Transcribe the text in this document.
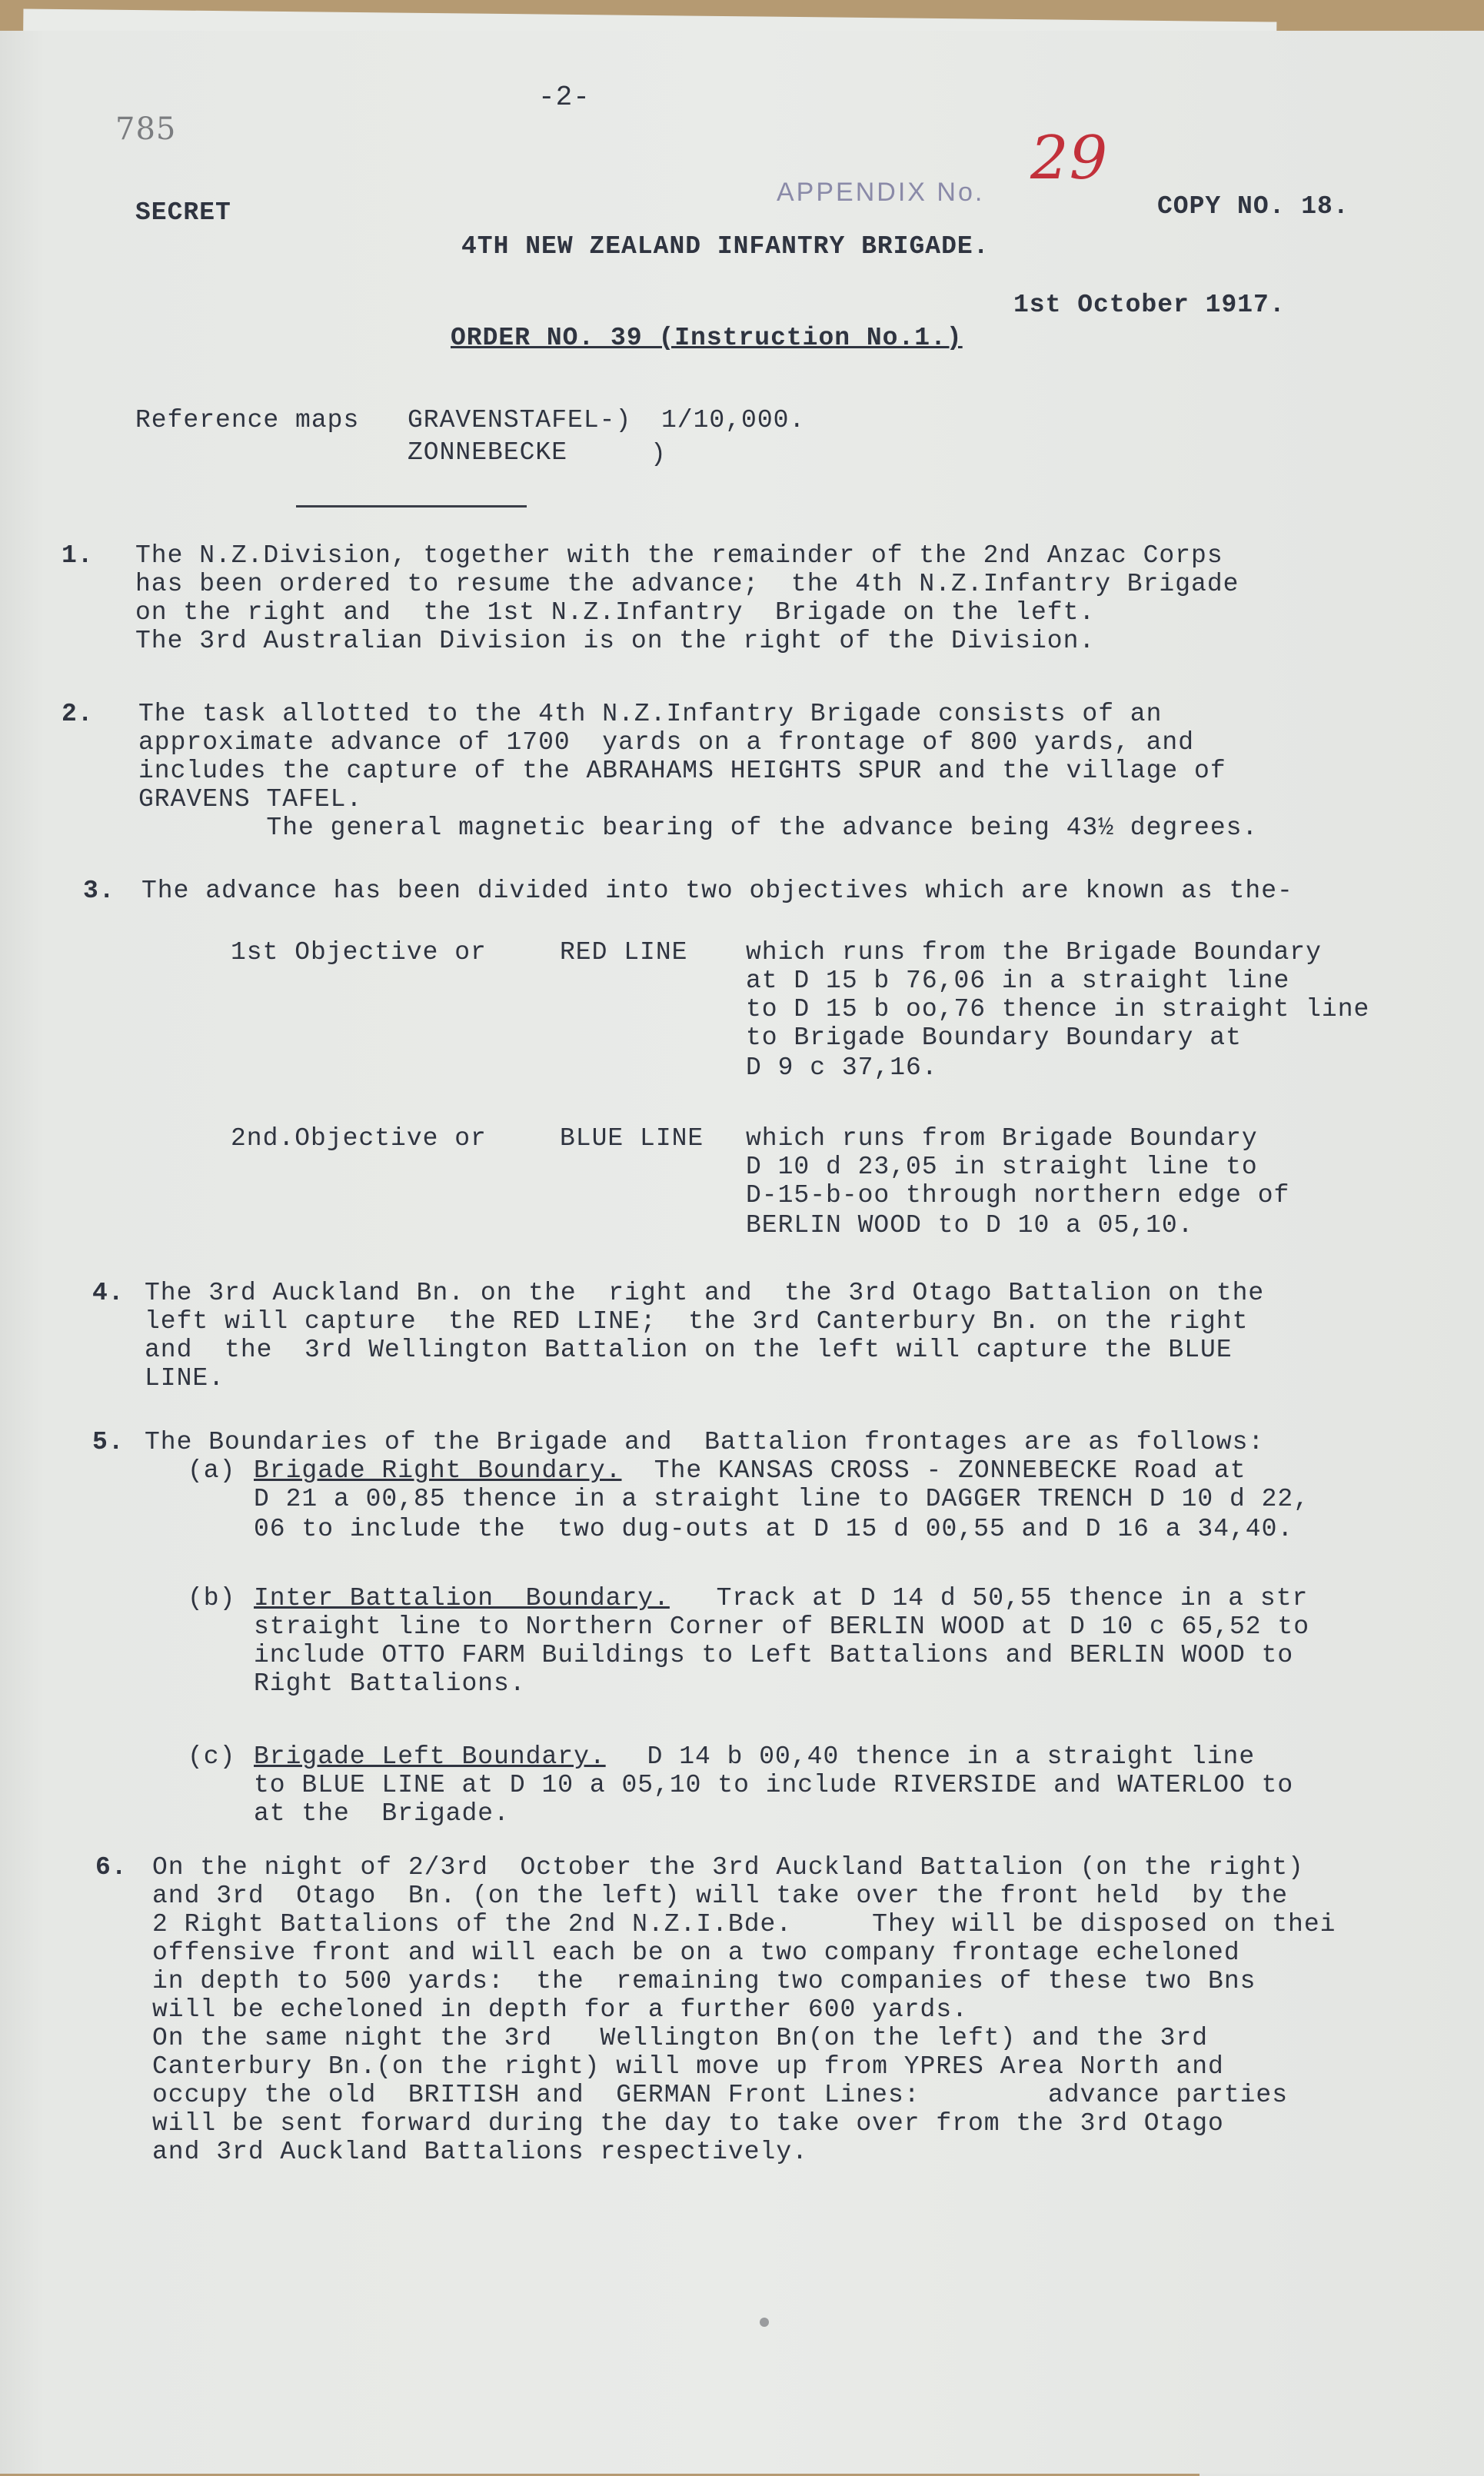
-2-
785
APPENDIX No. 29
SECRET	COPY NO. 18.
4TH NEW ZEALAND INFANTRY BRIGADE.
1st October 1917.
ORDER NO. 39 (Instruction No.1.)
Reference maps GRAVENSTAFEL-) 1/10,000.
ZONNEBECKE	)
1. The N.Z.Division, together with the remainder of the 2nd Anzac Corps
has been ordered to resume the advance;  the 4th N.Z.Infantry Brigade
on the right and  the 1st N.Z.Infantry  Brigade on the left.
The 3rd Australian Division is on the right of the Division.
2. The task allotted to the 4th N.Z.Infantry Brigade consists of an
approximate advance of 1700  yards on a frontage of 800 yards, and
includes the capture of the ABRAHAMS HEIGHTS SPUR and the village of
GRAVENS TAFEL.
The general magnetic bearing of the advance being 43½ degrees.
3. The advance has been divided into two objectives which are known as the-
1st Objective or	RED LINE which runs from the Brigade Boundary
at D 15 b 76,06 in a straight line
to D 15 b oo,76 thence in straight line
to Brigade Boundary Boundary at
D 9 c 37,16.
2nd.Objective or	BLUE LINE which runs from Brigade Boundary
D 10 d 23,05 in straight line to
D-15-b-oo through northern edge of
BERLIN WOOD to D 10 a 05,10.
4. The 3rd Auckland Bn. on the  right and  the 3rd Otago Battalion on the
left will capture  the RED LINE;  the 3rd Canterbury Bn. on the right
and  the  3rd Wellington Battalion on the left will capture the BLUE
LINE.
5. The Boundaries of the Brigade and  Battalion frontages are as follows:
(a) Brigade Right Boundary. The KANSAS CROSS - ZONNEBECKE Road at
D 21 a 00,85 thence in a straight line to DAGGER TRENCH D 10 d 22,
06 to include the  two dug-outs at D 15 d 00,55 and D 16 a 34,40.
(b) Inter Battalion  Boundary. Track at D 14 d 50,55 thence in a str
straight line to Northern Corner of BERLIN WOOD at D 10 c 65,52 to
include OTTO FARM Buildings to Left Battalions and BERLIN WOOD to
Right Battalions.
(c) Brigade Left Boundary. D 14 b 00,40 thence in a straight line
to BLUE LINE at D 10 a 05,10 to include RIVERSIDE and WATERLOO to
at the  Brigade.
6. On the night of 2/3rd  October the 3rd Auckland Battalion (on the right)
and 3rd  Otago  Bn. (on the left) will take over the front held  by the
2 Right Battalions of the 2nd N.Z.I.Bde.     They will be disposed on thei
offensive front and will each be on a two company frontage echeloned
in depth to 500 yards:  the  remaining two companies of these two Bns
will be echeloned in depth for a further 600 yards.
On the same night the 3rd   Wellington Bn(on the left) and the 3rd
Canterbury Bn.(on the right) will move up from YPRES Area North and
occupy the old  BRITISH and  GERMAN Front Lines:        advance parties
will be sent forward during the day to take over from the 3rd Otago
and 3rd Auckland Battalions respectively.
